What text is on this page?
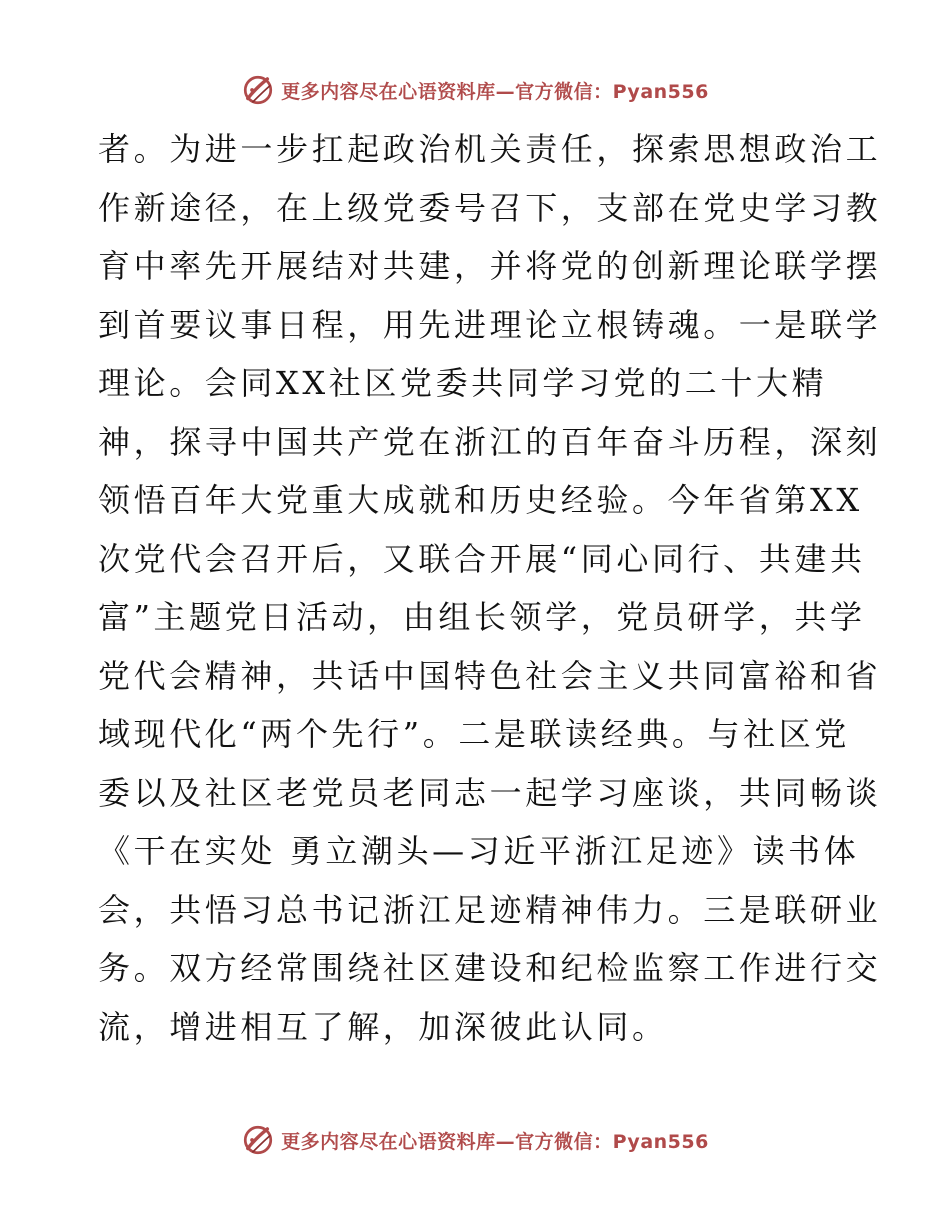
更多内容尽在心语资料库—官方微信：Pyan556
者。为进一步扛起政治机关责任，探索思想政治工
作新途径，在上级党委号召下，支部在党史学习教
育中率先开展结对共建，并将党的创新理论联学摆
到首要议事日程，用先进理论立根铸魂。一是联学
理论。会同XX社区党委共同学习党的二十大精
神，探寻中国共产党在浙江的百年奋斗历程，深刻
领悟百年大党重大成就和历史经验。今年省第XX
次党代会召开后，又联合开展“同心同行、共建共
富”主题党日活动，由组长领学，党员研学，共学
党代会精神，共话中国特色社会主义共同富裕和省
域现代化“两个先行”。二是联读经典。与社区党
委以及社区老党员老同志一起学习座谈，共同畅谈
《干在实处 勇立潮头—习近平浙江足迹》读书体
会，共悟习总书记浙江足迹精神伟力。三是联研业
务。双方经常围绕社区建设和纪检监察工作进行交
流，增进相互了解，加深彼此认同。
更多内容尽在心语资料库—官方微信：Pyan556
